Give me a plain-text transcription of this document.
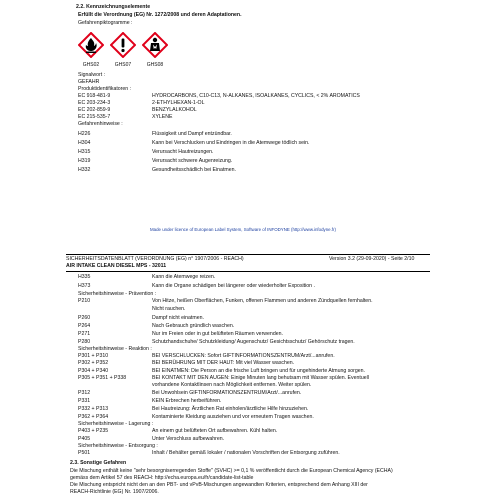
2.2. Kennzeichnungselemente
Erfüllt die Verordnung (EG) Nr. 1272/2008 und deren Adaptationen.
Gefahrenpiktogramme :
GHS02	GHS07	GHS08
Signalwort :
GEFAHR
Produktidentifikatoren :
EC 918-481-9	HYDROCARBONS, C10-C13, N-ALKANES, ISOALKANES, CYCLICS, < 2% AROMATICS
EC 203-234-3	2-ETHYLHEXAN-1-OL
EC 202-859-9	BENZYLALKOHOL
EC 215-535-7	XYLENE
Gefahrenhinweise :
H226	Flüssigkeit und Dampf entzündbar.
H304	Kann bei Verschlucken und Eindringen in die Atemwege tödlich sein.
H315	Verursacht Hautreizungen.
H319	Verursacht schwere Augenreizung.
H332	Gesundheitsschädlich bei Einatmen.
Made under licence of European Label System, Software of INFODYNE (http://www.infodyne.fr)
SICHERHEITSDATENBLATT (VERORDNUNG (EG) n° 1907/2006 - REACH)	Version 3.2 (29-09-2020) - Seite 2/10
AIR INTAKE CLEAN DIESEL MPS - 32011
H335	Kann die Atemwege reizen.
H373	Kann die Organe schädigen bei längerer oder wiederholter Exposition .
Sicherheitshinweise - Prävention :
P210	Von Hitze, heißen Oberflächen, Funken, offenen Flammen und anderen Zündquellen fernhalten.
Nicht rauchen.
P260	Dampf nicht einatmen.
P264	Nach Gebrauch gründlich waschen.
P271	Nur im Freien oder in gut belüfteten Räumen verwenden.
P280	Schutzhandschuhe/ Schutzkleidung/ Augenschutz/ Gesichtsschutz/ Gehörschutz tragen.
Sicherheitshinweise - Reaktion :
P301 + P310	BEI VERSCHLUCKEN: Sofort GIFTINFORMATIONSZENTRUM/Arzt/...anrufen.
P302 + P352	BEI BERÜHRUNG MIT DER HAUT: Mit viel Wasser waschen.
P304 + P340	BEI EINATMEN: Die Person an die frische Luft bringen und für ungehinderte Atmung sorgen.
P305 + P351 + P338	BEI KONTAKT MIT DEN AUGEN: Einige Minuten lang behutsam mit Wasser spülen. Eventuell
vorhandene Kontaktlinsen nach Möglichkeit entfernen. Weiter spülen.
P312	Bei Unwohlsein GIFTINFORMATIONSZENTRUM/Arzt/...anrufen.
P331	KEIN Erbrechen herbeiführen.
P332 + P313	Bei Hautreizung: Ärztlichen Rat einholen/ärztliche Hilfe hinzuziehen.
P362 + P364	Kontaminierte Kleidung ausziehen und vor erneutem Tragen waschen.
Sicherheitshinweise - Lagerung :
P403 + P235	An einem gut belüfteten Ort aufbewahren. Kühl halten.
P405	Unter Verschluss aufbewahren.
Sicherheitshinweise - Entsorgung :
P501	Inhalt / Behälter gemäß lokaler / nationalen Vorschriften der Entsorgung zuführen.
2.3. Sonstige Gefahren
Die Mischung enthält keine "sehr besorgniserregenden Stoffe" (SVHC) >= 0,1 % veröffentlicht durch die European Chemical Agency (ECHA)
gemäss dem Artikel 57 des REACH: http://echa.europa.eu/fr/candidate-list-table
Die Mischung entspricht nicht den an den PBT- und vPvB-Mischungen angewandten Kriterien, entsprechend dem Anhang XIII der
REACH-Richtlinie (EG) Nr. 1907/2006.
